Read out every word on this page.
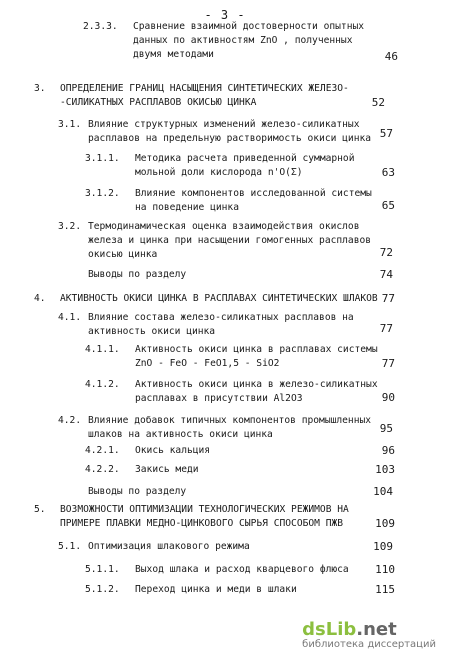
- 3 -
2.3.3. Сравнение взаимной достоверности опытных
данных по активностям ZnO , полученных
двумя методами	46
3. ОПРЕДЕЛЕНИЕ ГРАНИЦ НАСЫЩЕНИЯ СИНТЕТИЧЕСКИХ ЖЕЛЕЗО-
-СИЛИКАТНЫХ РАСПЛАВОВ ОКИСЬЮ ЦИНКА	52
3.1. Влияние структурных изменений железо-силикатных
расплавов на предельную растворимость окиси цинка 57
3.1.1. Методика расчета приведенной суммарной
мольной доли кислорода n'O(Σ)	63
3.1.2. Влияние компонентов исследованной системы
на поведение цинка	65
3.2. Термодинамическая оценка взаимодействия окислов
железа и цинка при насыщении гомогенных расплавов
окисью цинка	72
Выводы по разделу	74
4. АКТИВНОСТЬ ОКИСИ ЦИНКА В РАСПЛАВАХ СИНТЕТИЧЕСКИХ ШЛАКОВ 77
4.1. Влияние состава железо-силикатных расплавов на
активность окиси цинка	77
4.1.1. Активность окиси цинка в расплавах системы
ZnO - FeO - FeO1,5 - SiO2	77
4.1.2. Активность окиси цинка в железо-силикатных
расплавах в присутствии Al2O3	90
4.2. Влияние добавок типичных компонентов промышленных
шлаков на активность окиси цинка	95
4.2.1. Окись кальция	96
4.2.2. Закись меди	103
Выводы по разделу	104
5. ВОЗМОЖНОСТИ ОПТИМИЗАЦИИ ТЕХНОЛОГИЧЕСКИХ РЕЖИМОВ НА
ПРИМЕРЕ ПЛАВКИ МЕДНО-ЦИНКОВОГО СЫРЬЯ СПОСОБОМ ПЖВ	109
5.1. Оптимизация шлакового режима	109
5.1.1. Выход шлака и расход кварцевого флюса	110
5.1.2. Переход цинка и меди в шлаки	115
dsLib.net
библиотека диссертаций
